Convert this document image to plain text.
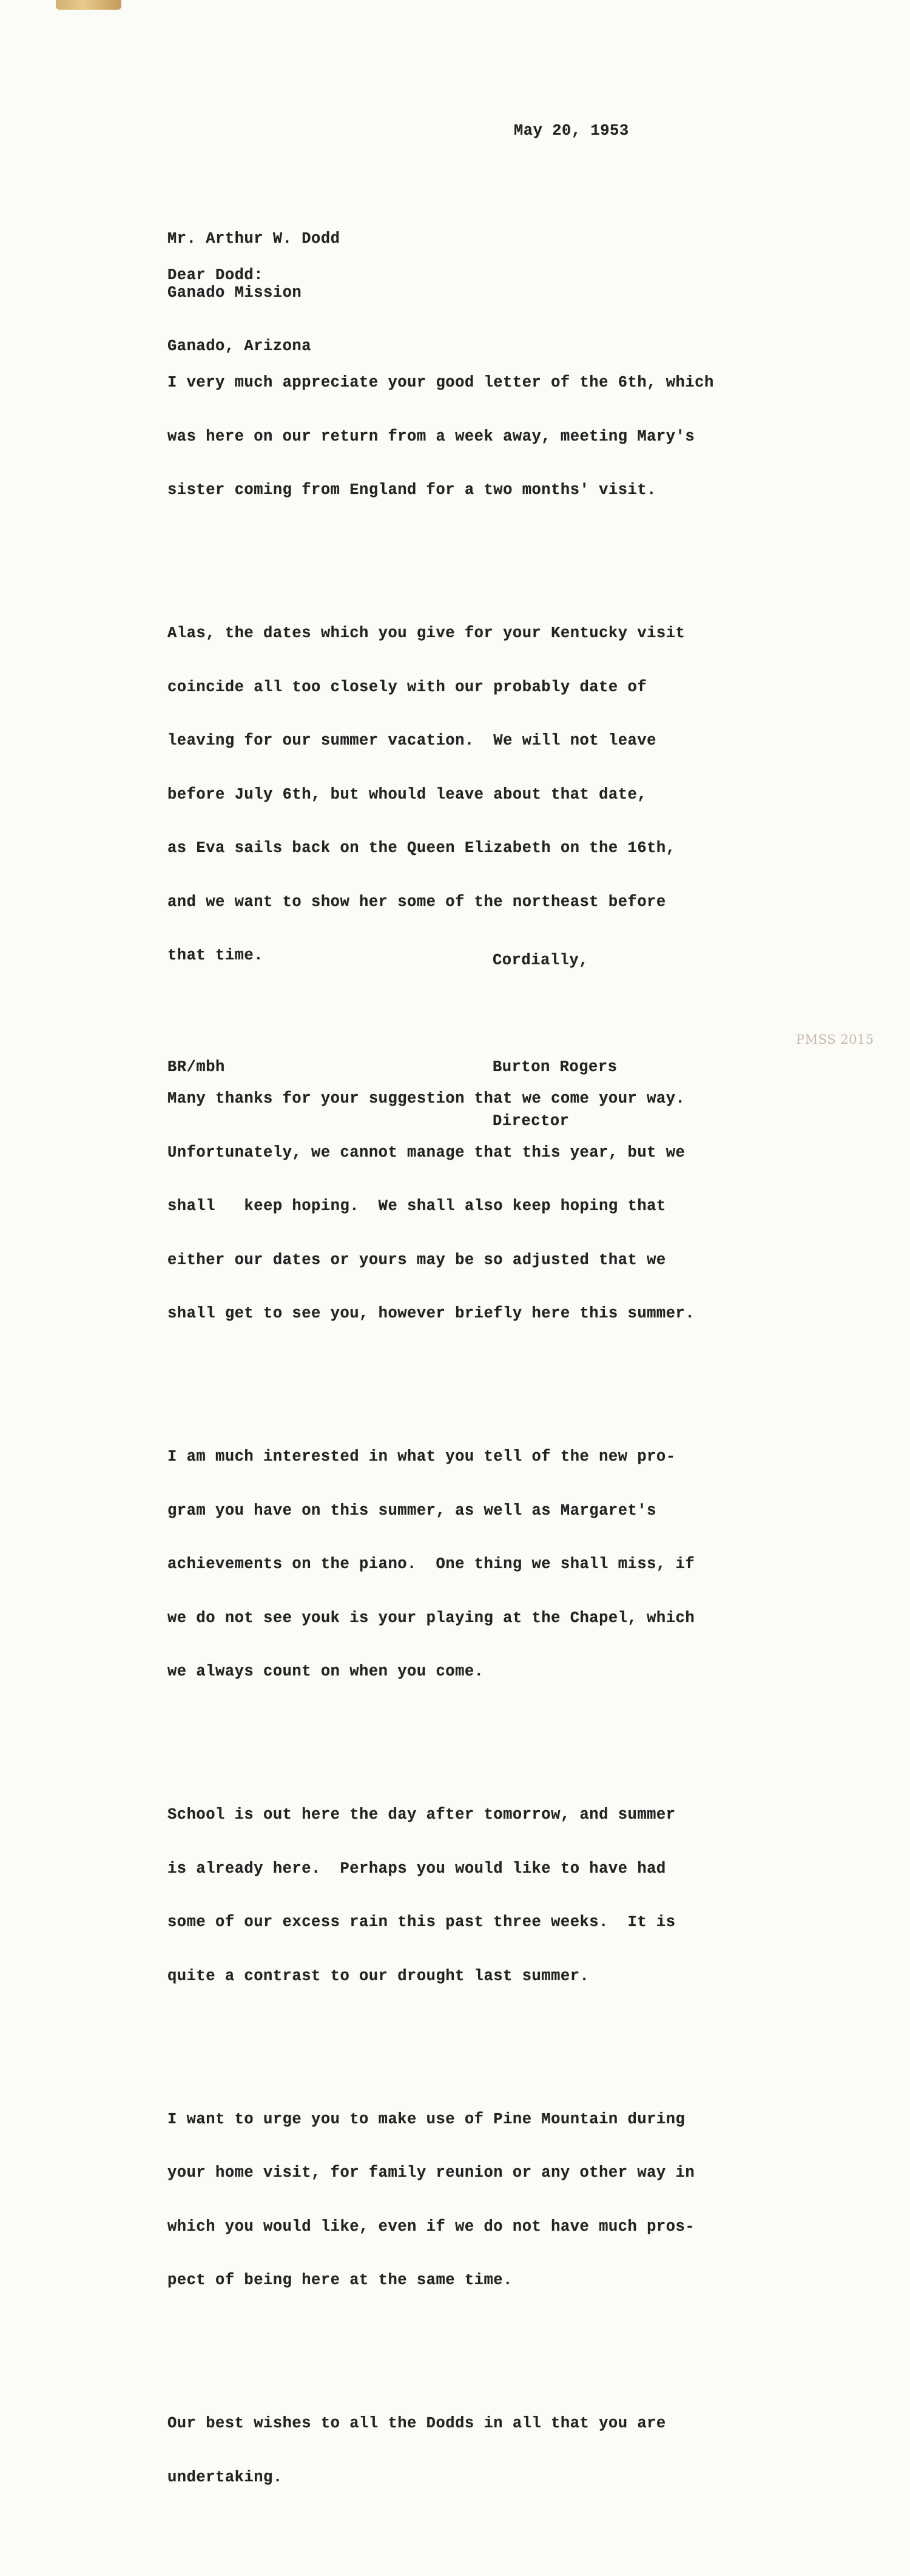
May 20, 1953

Mr. Arthur W. Dodd

Ganado Mission

Ganado, Arizona

Dear Dodd:

I very much appreciate your good letter of the 6th, which

was here on our return from a week away, meeting Mary's

sister coming from England for a two months' visit.

Alas, the dates which you give for your Kentucky visit

coincide all too closely with our probably date of

leaving for our summer vacation.  We will not leave

before July 6th, but whould leave about that date,

as Eva sails back on the Queen Elizabeth on the 16th,

and we want to show her some of the northeast before

that time.

Many thanks for your suggestion that we come your way.

Unfortunately, we cannot manage that this year, but we

shall   keep hoping.  We shall also keep hoping that

either our dates or yours may be so adjusted that we

shall get to see you, however briefly here this summer.

I am much interested in what you tell of the new pro-

gram you have on this summer, as well as Margaret's

achievements on the piano.  One thing we shall miss, if

we do not see youk is your playing at the Chapel, which

we always count on when you come.

School is out here the day after tomorrow, and summer

is already here.  Perhaps you would like to have had

some of our excess rain this past three weeks.  It is

quite a contrast to our drought last summer.

I want to urge you to make use of Pine Mountain during

your home visit, for family reunion or any other way in

which you would like, even if we do not have much pros-

pect of being here at the same time.

Our best wishes to all the Dodds in all that you are

undertaking.

Cordially,

Burton Rogers

Director

BR/mbh
PMSS 2015
